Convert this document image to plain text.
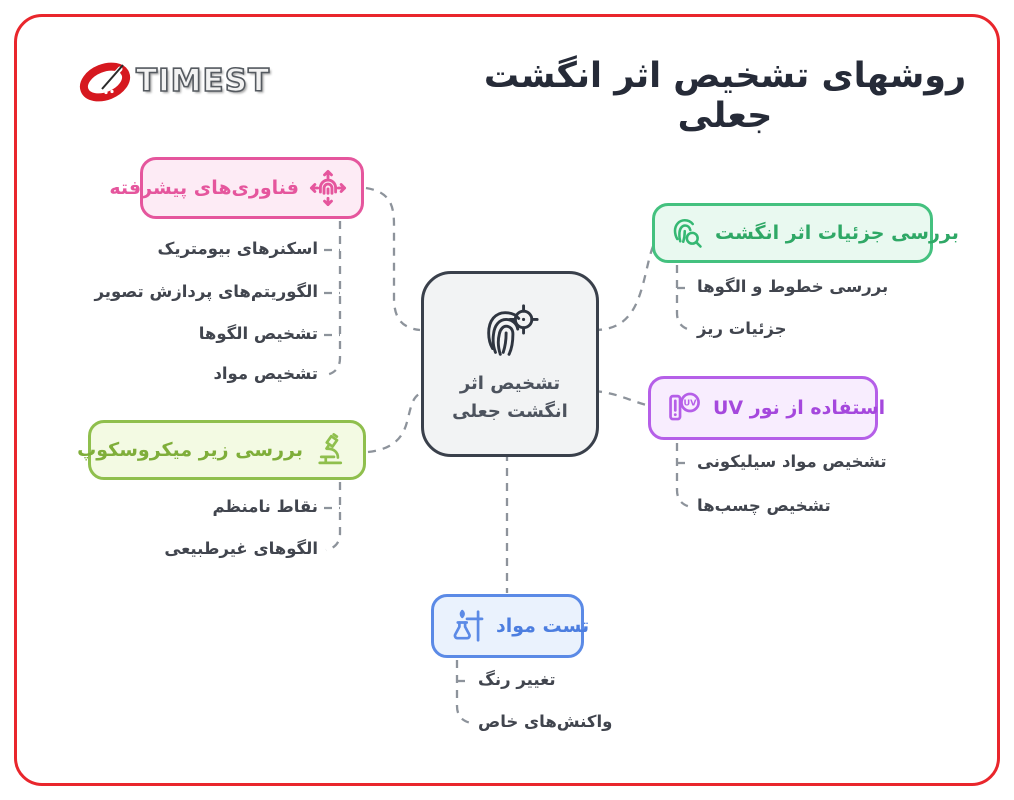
TIMEST	روشهای تشخیص اثر انگشت جعلی
تشخیص اثر
انگشت جعلی
فناوری‌های پیشرفته
اسکنرهای بیومتریک
الگوریتم‌های پردازش تصویر
تشخیص الگوها
تشخیص مواد
بررسی زیر میکروسکوپ
نقاط نامنظم
الگوهای غیرطبیعی
بررسی جزئیات اثر انگشت
بررسی خطوط و الگوها
جزئیات ریز
UV استفاده از نور UV
تشخیص مواد سیلیکونی
تشخیص چسب‌ها
تست مواد
تغییر رنگ
واکنش‌های خاص
